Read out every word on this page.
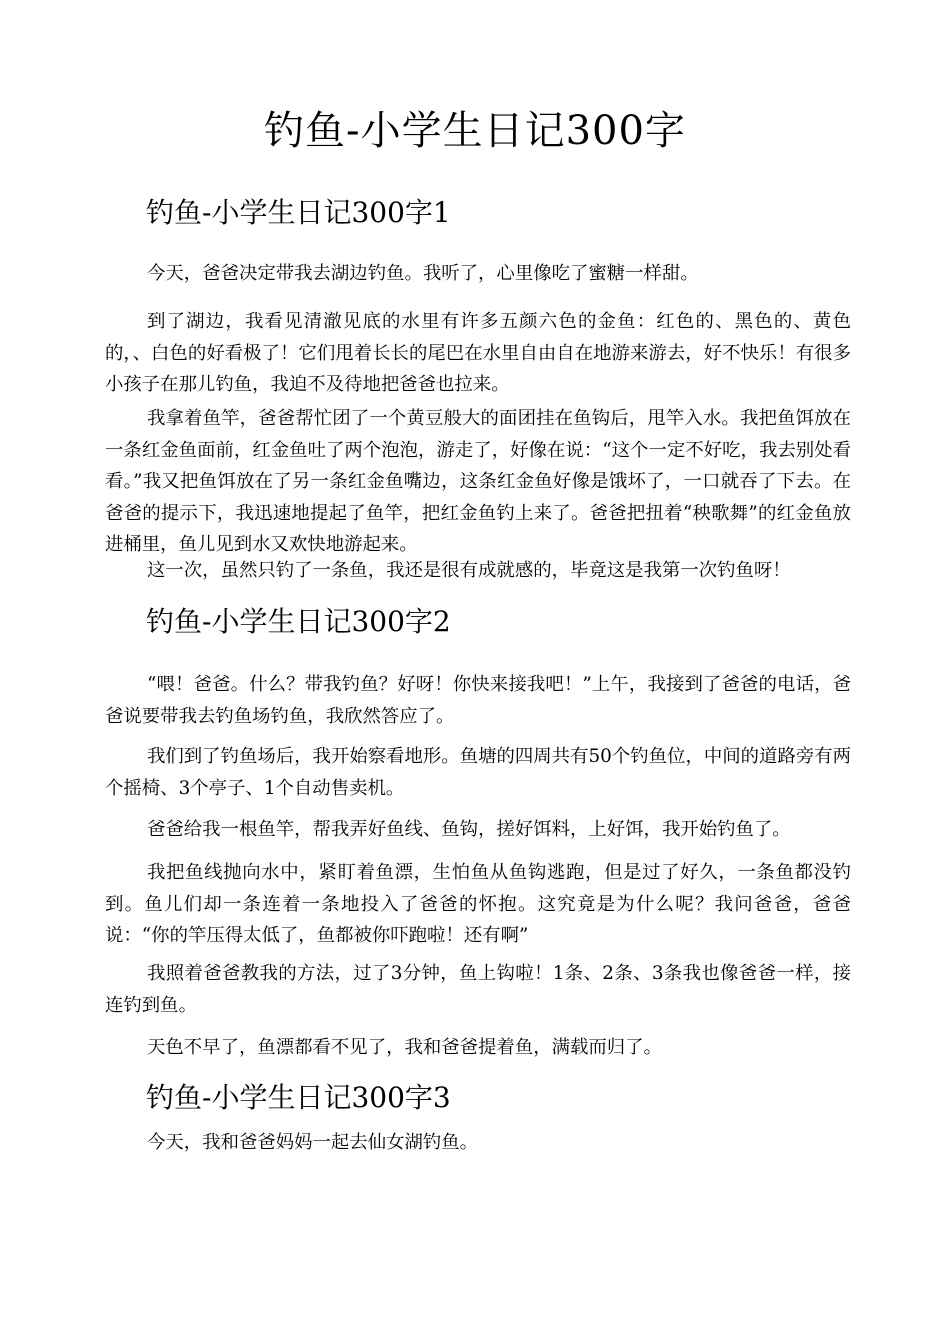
钓鱼-小学生日记300字
钓鱼-小学生日记300字1

今天，爸爸决定带我去湖边钓鱼。我听了，心里像吃了蜜糖一样甜。

到了湖边，我看见清澈见底的水里有许多五颜六色的金鱼：红色的、黑色的、黄色的，、白色的好看极了！它们甩着长长的尾巴在水里自由自在地游来游去，好不快乐！有很多小孩子在那儿钓鱼，我迫不及待地把爸爸也拉来。

我拿着鱼竿，爸爸帮忙团了一个黄豆般大的面团挂在鱼钩后，甩竿入水。我把鱼饵放在一条红金鱼面前，红金鱼吐了两个泡泡，游走了，好像在说：“这个一定不好吃，我去别处看看。”我又把鱼饵放在了另一条红金鱼嘴边，这条红金鱼好像是饿坏了，一口就吞了下去。在爸爸的提示下，我迅速地提起了鱼竿，把红金鱼钓上来了。爸爸把扭着“秧歌舞”的红金鱼放进桶里，鱼儿见到水又欢快地游起来。

这一次，虽然只钓了一条鱼，我还是很有成就感的，毕竟这是我第一次钓鱼呀！

钓鱼-小学生日记300字2

“喂！爸爸。什么？带我钓鱼？好呀！你快来接我吧！”上午，我接到了爸爸的电话，爸爸说要带我去钓鱼场钓鱼，我欣然答应了。

我们到了钓鱼场后，我开始察看地形。鱼塘的四周共有50个钓鱼位，中间的道路旁有两个摇椅、3个亭子、1个自动售卖机。

爸爸给我一根鱼竿，帮我弄好鱼线、鱼钩，搓好饵料，上好饵，我开始钓鱼了。

我把鱼线抛向水中，紧盯着鱼漂，生怕鱼从鱼钩逃跑，但是过了好久，一条鱼都没钓到。鱼儿们却一条连着一条地投入了爸爸的怀抱。这究竟是为什么呢？我问爸爸，爸爸说：“你的竿压得太低了，鱼都被你吓跑啦！还有啊”

我照着爸爸教我的方法，过了3分钟，鱼上钩啦！1条、2条、3条我也像爸爸一样，接连钓到鱼。

天色不早了，鱼漂都看不见了，我和爸爸提着鱼，满载而归了。

钓鱼-小学生日记300字3

今天，我和爸爸妈妈一起去仙女湖钓鱼。
